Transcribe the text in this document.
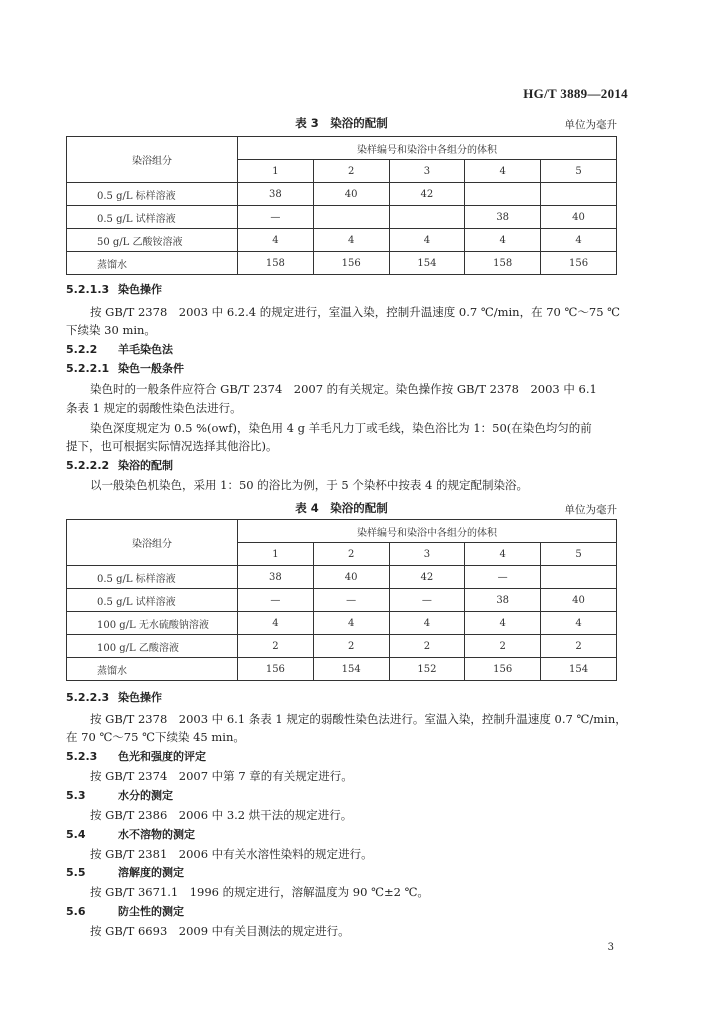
HG/T 3889—2014
表 3　染浴的配制	单位为毫升
染浴组分	染样编号和染浴中各组分的体积				
	1	2	3	4	5
0.5 g/L 标样溶液	38	40	42		
0.5 g/L 试样溶液	—			38	40
50 g/L 乙酸铵溶液	4	4	4	4	4
蒸馏水	158	156	154	158	156
5.2.1.3 染色操作
按 GB/T 2378　2003 中 6.2.4 的规定进行，室温入染，控制升温速度 0.7 ℃/min，在 70 ℃～75 ℃
下续染 30 min。
5.2.2 羊毛染色法
5.2.2.1 染色一般条件
染色时的一般条件应符合 GB/T 2374　2007 的有关规定。染色操作按 GB/T 2378　2003 中 6.1
条表 1 规定的弱酸性染色法进行。
染色深度规定为 0.5 %(owf)，染色用 4 g 羊毛凡力丁或毛线，染色浴比为 1：50(在染色均匀的前
提下，也可根据实际情况选择其他浴比)。
5.2.2.2 染浴的配制
以一般染色机染色，采用 1：50 的浴比为例，于 5 个染杯中按表 4 的规定配制染浴。
表 4　染浴的配制	单位为毫升
染浴组分	染样编号和染浴中各组分的体积				
	1	2	3	4	5
0.5 g/L 标样溶液	38	40	42	—	
0.5 g/L 试样溶液	—	—	—	38	40
100 g/L 无水硫酸钠溶液	4	4	4	4	4
100 g/L 乙酸溶液	2	2	2	2	2
蒸馏水	156	154	152	156	154
5.2.2.3 染色操作
按 GB/T 2378　2003 中 6.1 条表 1 规定的弱酸性染色法进行。室温入染，控制升温速度 0.7 ℃/min，
在 70 ℃～75 ℃下续染 45 min。
5.2.3 色光和强度的评定
按 GB/T 2374　2007 中第 7 章的有关规定进行。
5.3	水分的测定
按 GB/T 2386　2006 中 3.2 烘干法的规定进行。
5.4	水不溶物的测定
按 GB/T 2381　2006 中有关水溶性染料的规定进行。
5.5	溶解度的测定
按 GB/T 3671.1　1996 的规定进行，溶解温度为 90 ℃±2 ℃。
5.6	防尘性的测定
按 GB/T 6693　2009 中有关目测法的规定进行。
3
